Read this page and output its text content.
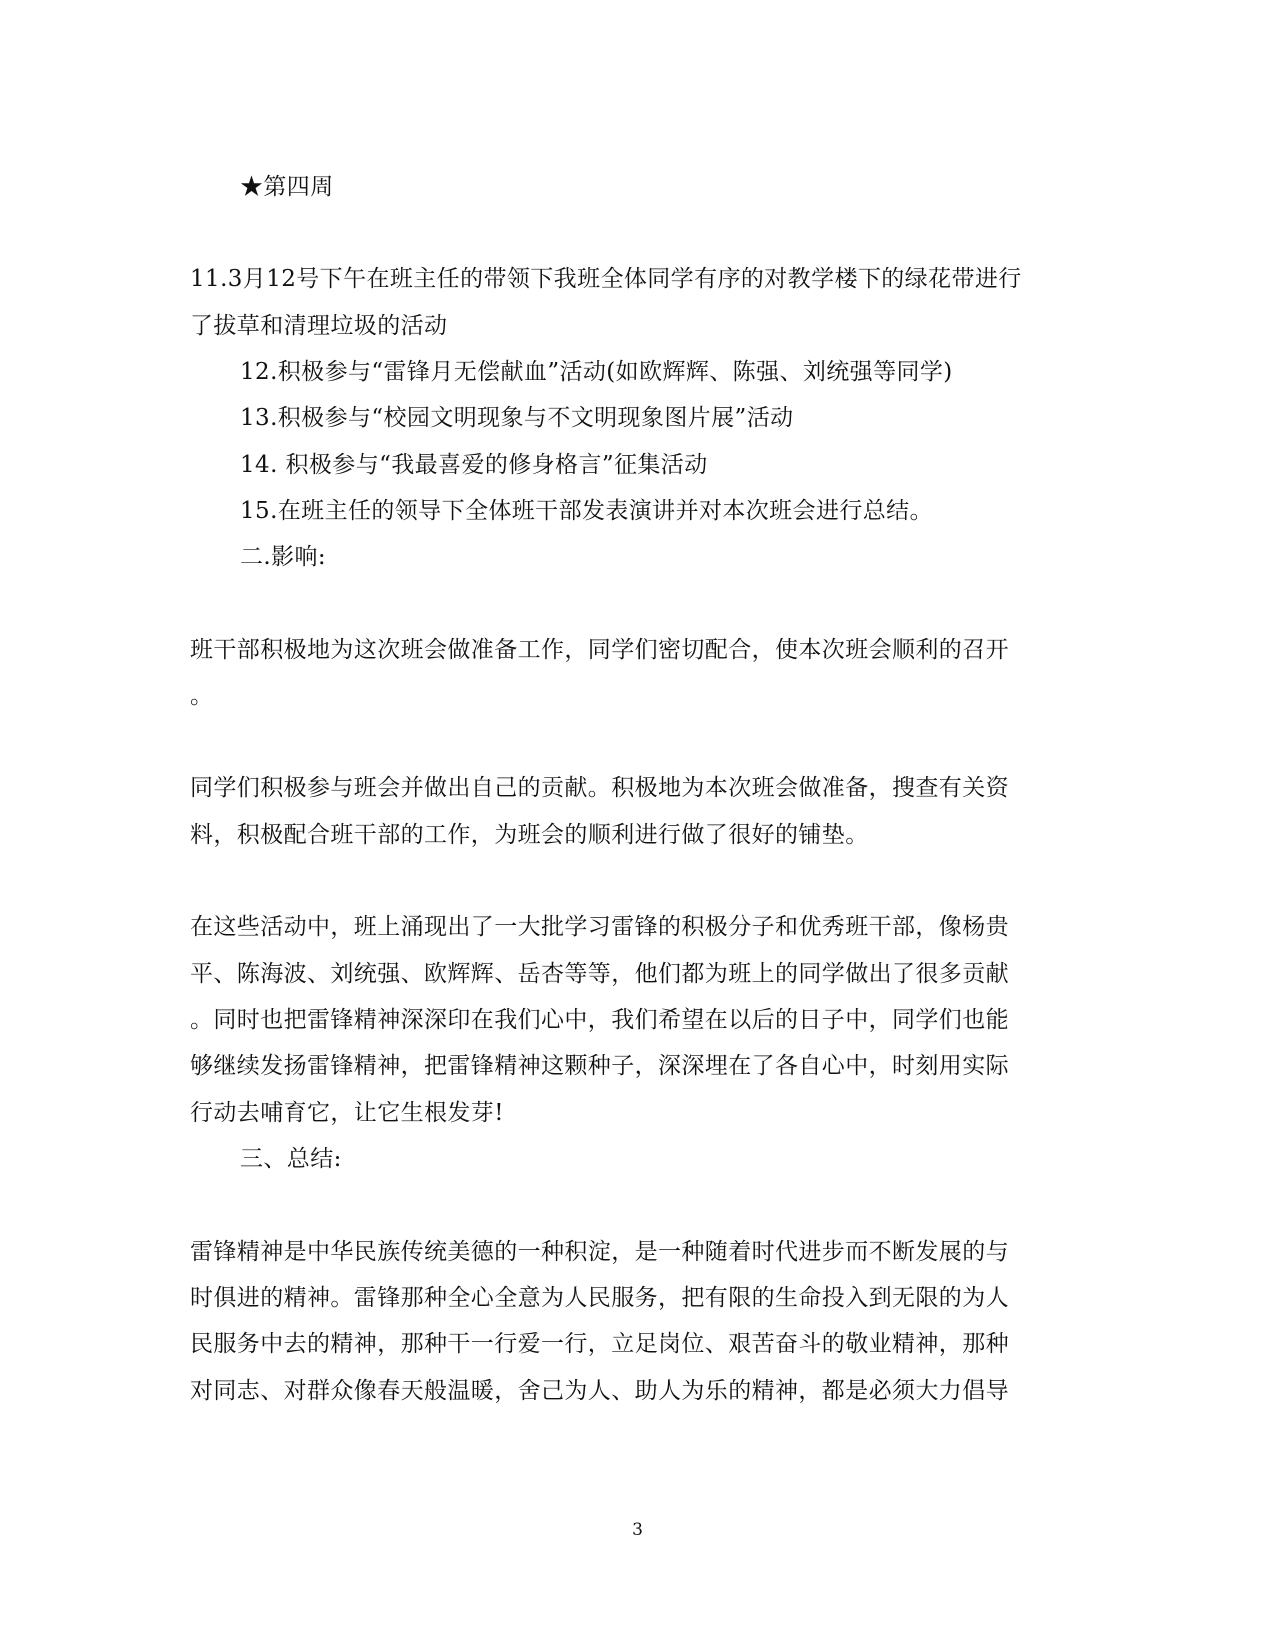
★第四周
11.3月12号下午在班主任的带领下我班全体同学有序的对教学楼下的绿花带进行
了拔草和清理垃圾的活动
12.积极参与“雷锋月无偿献血”活动(如欧辉辉、陈强、刘统强等同学)
13.积极参与“校园文明现象与不文明现象图片展”活动
14. 积极参与“我最喜爱的修身格言”征集活动
15.在班主任的领导下全体班干部发表演讲并对本次班会进行总结。
二.影响:
班干部积极地为这次班会做准备工作，同学们密切配合，使本次班会顺利的召开
。
同学们积极参与班会并做出自己的贡献。积极地为本次班会做准备，搜查有关资
料，积极配合班干部的工作，为班会的顺利进行做了很好的铺垫。
在这些活动中，班上涌现出了一大批学习雷锋的积极分子和优秀班干部，像杨贵
平、陈海波、刘统强、欧辉辉、岳杏等等，他们都为班上的同学做出了很多贡献
。同时也把雷锋精神深深印在我们心中，我们希望在以后的日子中，同学们也能
够继续发扬雷锋精神，把雷锋精神这颗种子，深深埋在了各自心中，时刻用实际
行动去哺育它，让它生根发芽!
三、总结:
雷锋精神是中华民族传统美德的一种积淀，是一种随着时代进步而不断发展的与
时俱进的精神。雷锋那种全心全意为人民服务，把有限的生命投入到无限的为人
民服务中去的精神，那种干一行爱一行，立足岗位、艰苦奋斗的敬业精神，那种
对同志、对群众像春天般温暖，舍己为人、助人为乐的精神，都是必须大力倡导
3
